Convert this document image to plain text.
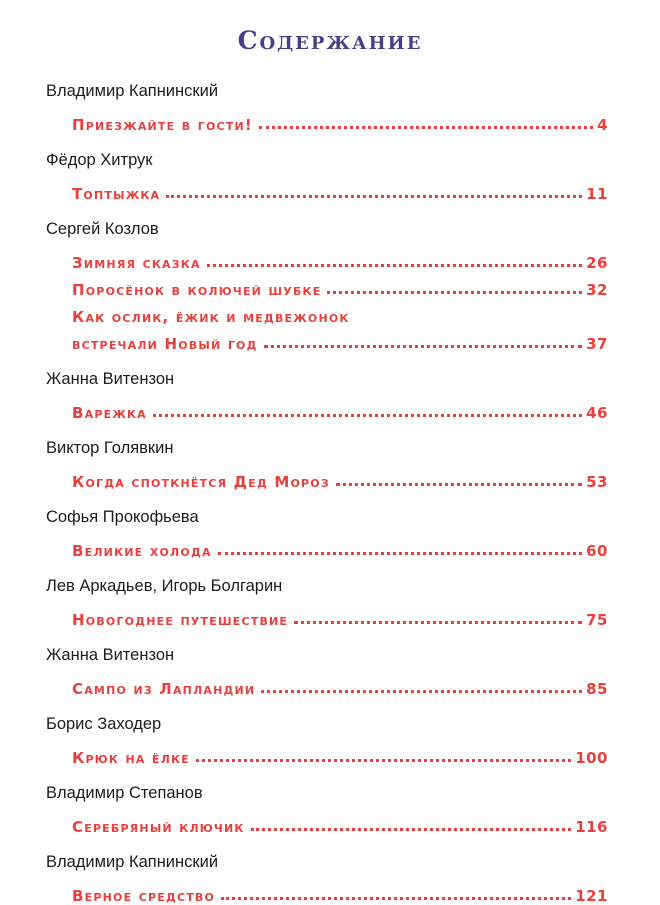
Содержание
Владимир Капнинский
Приезжайте в гости!	4
Фёдор Хитрук
Топтыжка	11
Сергей Козлов
Зимняя сказка	26
Поросёнок в колючей шубке	32
Как ослик, ёжик и медвежонок
встречали Новый год	37
Жанна Витензон
Варежка	46
Виктор Голявкин
Когда споткнётся Дед Мороз	53
Софья Прокофьева
Великие холода	60
Лев Аркадьев, Игорь Болгарин
Новогоднее путешествие	75
Жанна Витензон
Сампо из Лапландии	85
Борис Заходер
Крюк на ёлке	100
Владимир Степанов
Серебряный ключик	116
Владимир Капнинский
Верное средство	121
